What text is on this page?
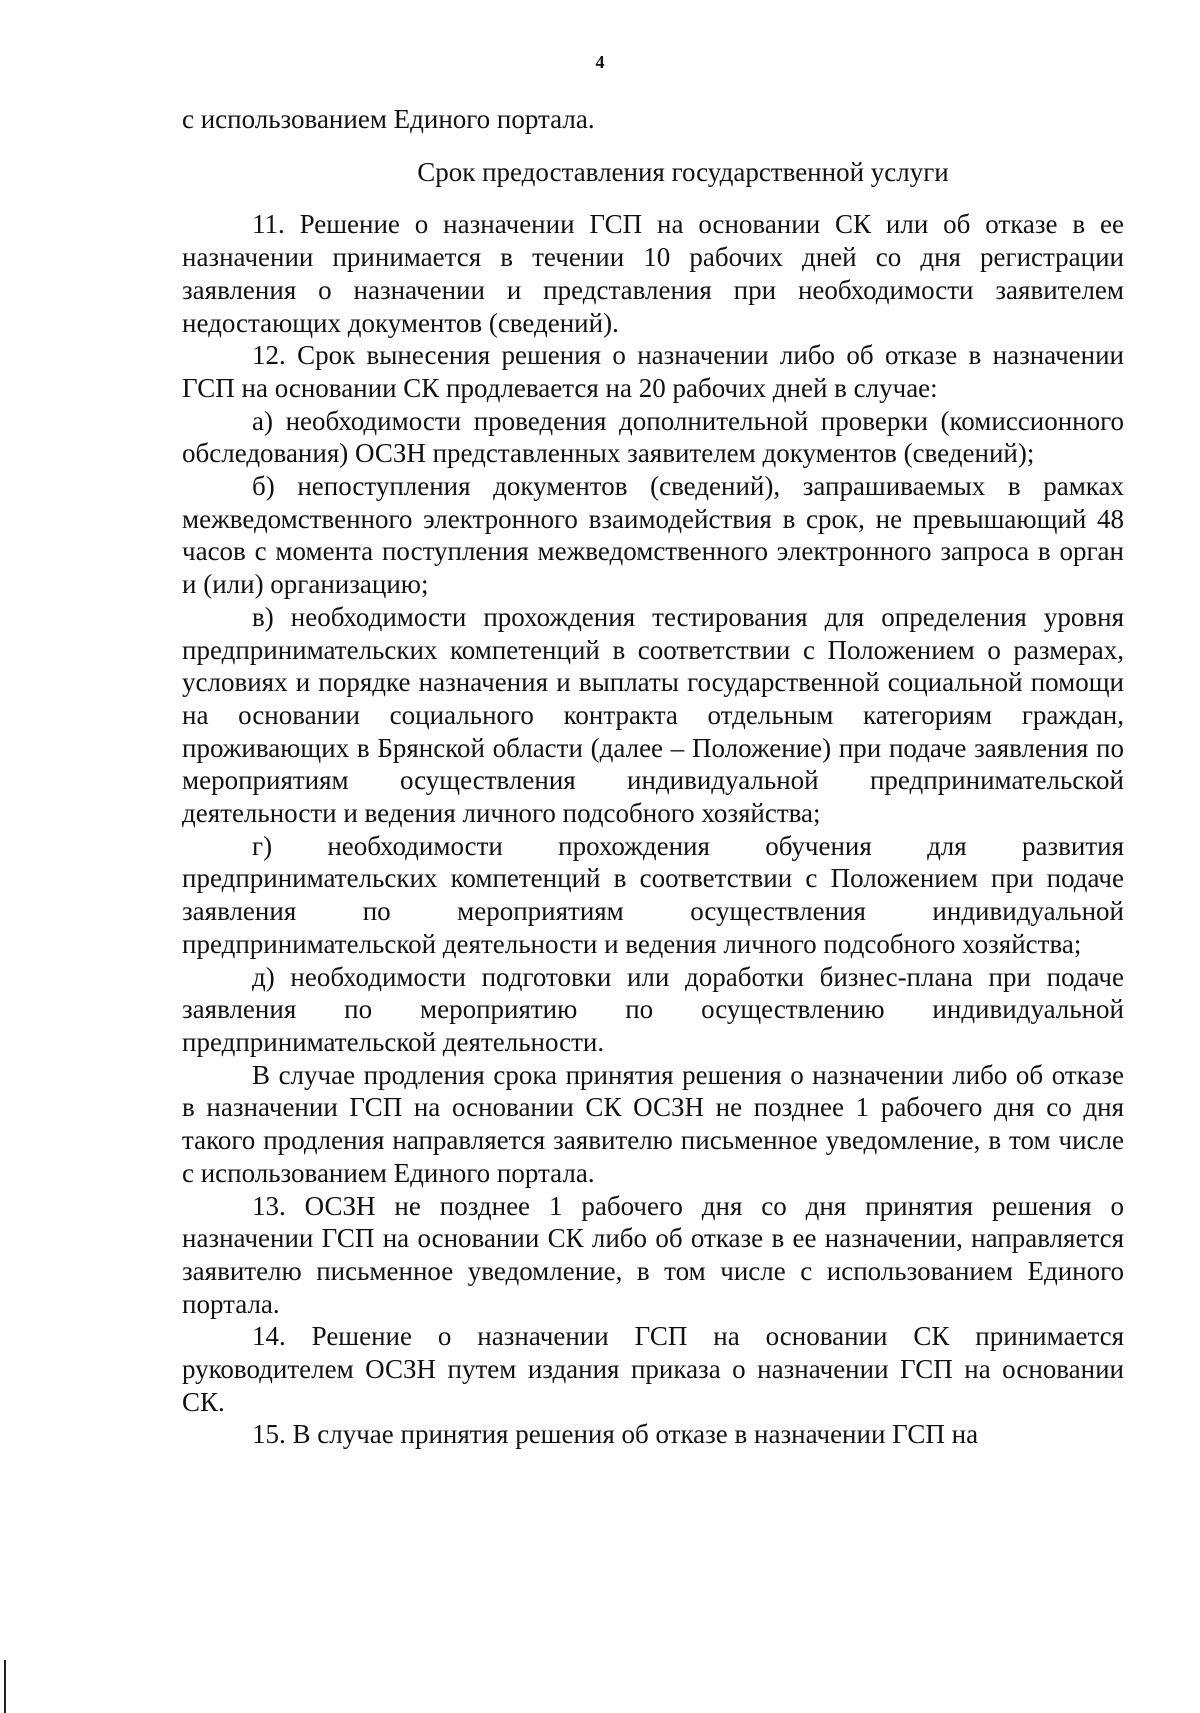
4

с использованием Единого портала.

Срок предоставления государственной услуги

11. Решение о назначении ГСП на основании СК или об отказе в ее назначении принимается в течении 10 рабочих дней со дня регистрации заявления о назначении и представления при необходимости заявителем недостающих документов (сведений).

12. Срок вынесения решения о назначении либо об отказе в назначении ГСП на основании СК продлевается на 20 рабочих дней в случае:

а) необходимости проведения дополнительной проверки (комиссионного обследования) ОСЗН представленных заявителем документов (сведений);

б) непоступления документов (сведений), запрашиваемых в рамках межведомственного электронного взаимодействия в срок, не превышающий 48 часов с момента поступления межведомственного электронного запроса в орган и (или) организацию;

в) необходимости прохождения тестирования для определения уровня предпринимательских компетенций в соответствии с Положением о размерах, условиях и порядке назначения и выплаты государственной социальной помощи на основании социального контракта отдельным категориям граждан, проживающих в Брянской области (далее – Положение) при подаче заявления по мероприятиям осуществления индивидуальной предпринимательской деятельности и ведения личного подсобного хозяйства;

г) необходимости прохождения обучения для развития предпринимательских компетенций в соответствии с Положением при подаче заявления по мероприятиям осуществления индивидуальной предпринимательской деятельности и ведения личного подсобного хозяйства;

д) необходимости подготовки или доработки бизнес-плана при подаче заявления по мероприятию по осуществлению индивидуальной предпринимательской деятельности.

В случае продления срока принятия решения о назначении либо об отказе в назначении ГСП на основании СК ОСЗН не позднее 1 рабочего дня со дня такого продления направляется заявителю письменное уведомление, в том числе с использованием Единого портала.

13. ОСЗН не позднее 1 рабочего дня со дня принятия решения о назначении ГСП на основании СК либо об отказе в ее назначении, направляется заявителю письменное уведомление, в том числе с использованием Единого портала.

14. Решение о назначении ГСП на основании СК принимается руководителем ОСЗН путем издания приказа о назначении ГСП на основании СК.

15. В случае принятия решения об отказе в назначении ГСП на
